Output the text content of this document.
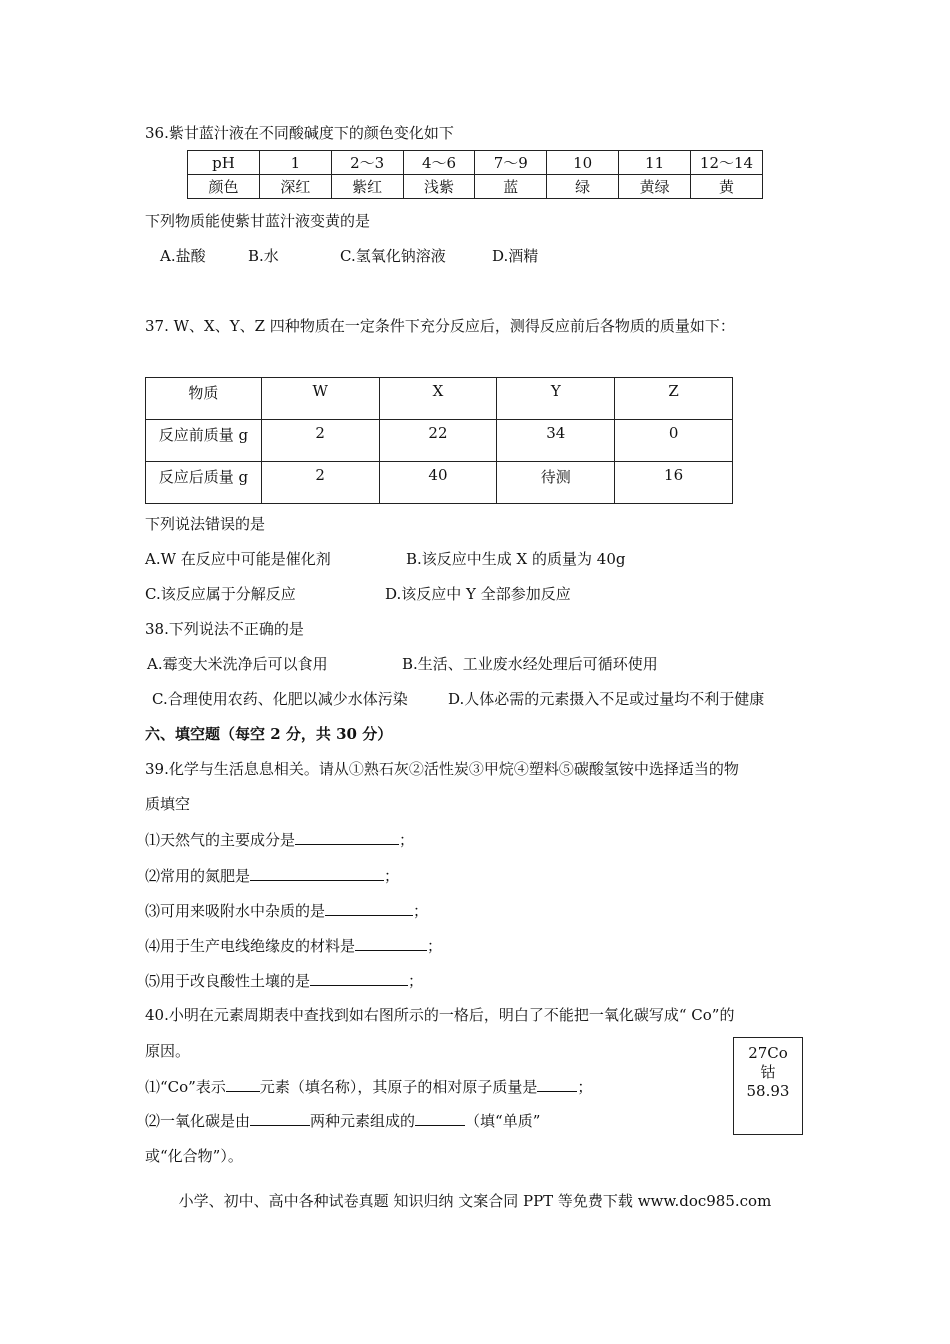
36.紫甘蓝汁液在不同酸碱度下的颜色变化如下
pH	1	2～3	4～6	7～9	10	11	12～14
颜色	深红	紫红	浅紫	蓝	绿	黄绿	黄
下列物质能使紫甘蓝汁液变黄的是
A.盐酸	B.水	C.氢氧化钠溶液	D.酒精
37. W、X、Y、Z 四种物质在一定条件下充分反应后，测得反应前后各物质的质量如下：
物质	W	X	Y	Z
反应前质量 g	2	22	34	0
反应后质量 g	2	40	待测	16
下列说法错误的是
A.W 在反应中可能是催化剂	B.该反应中生成 X 的质量为 40g
C.该反应属于分解反应	D.该反应中 Y 全部参加反应
38.下列说法不正确的是
A.霉变大米洗净后可以食用	B.生活、工业废水经处理后可循环使用
C.合理使用农药、化肥以减少水体污染	D.人体必需的元素摄入不足或过量均不利于健康
六、填空题（每空 2 分，共 30 分）
39.化学与生活息息相关。请从①熟石灰②活性炭③甲烷④塑料⑤碳酸氢铵中选择适当的物
质填空
⑴天然气的主要成分是	；
⑵常用的氮肥是	；
⑶可用来吸附水中杂质的是	；
⑷用于生产电线绝缘皮的材料是	；
⑸用于改良酸性土壤的是	；
40.小明在元素周期表中查找到如右图所示的一格后，明白了不能把一氧化碳写成“ Co”的
原因。
⑴“Co”表示 元素（填名称），其原子的相对原子质量是	；
⑵一氧化碳是由	两种元素组成的	（填“单质”
或“化合物”）。
27Co
钴
58.93
小学、初中、高中各种试卷真题 知识归纳 文案合同 PPT 等免费下载 www.doc985.com
